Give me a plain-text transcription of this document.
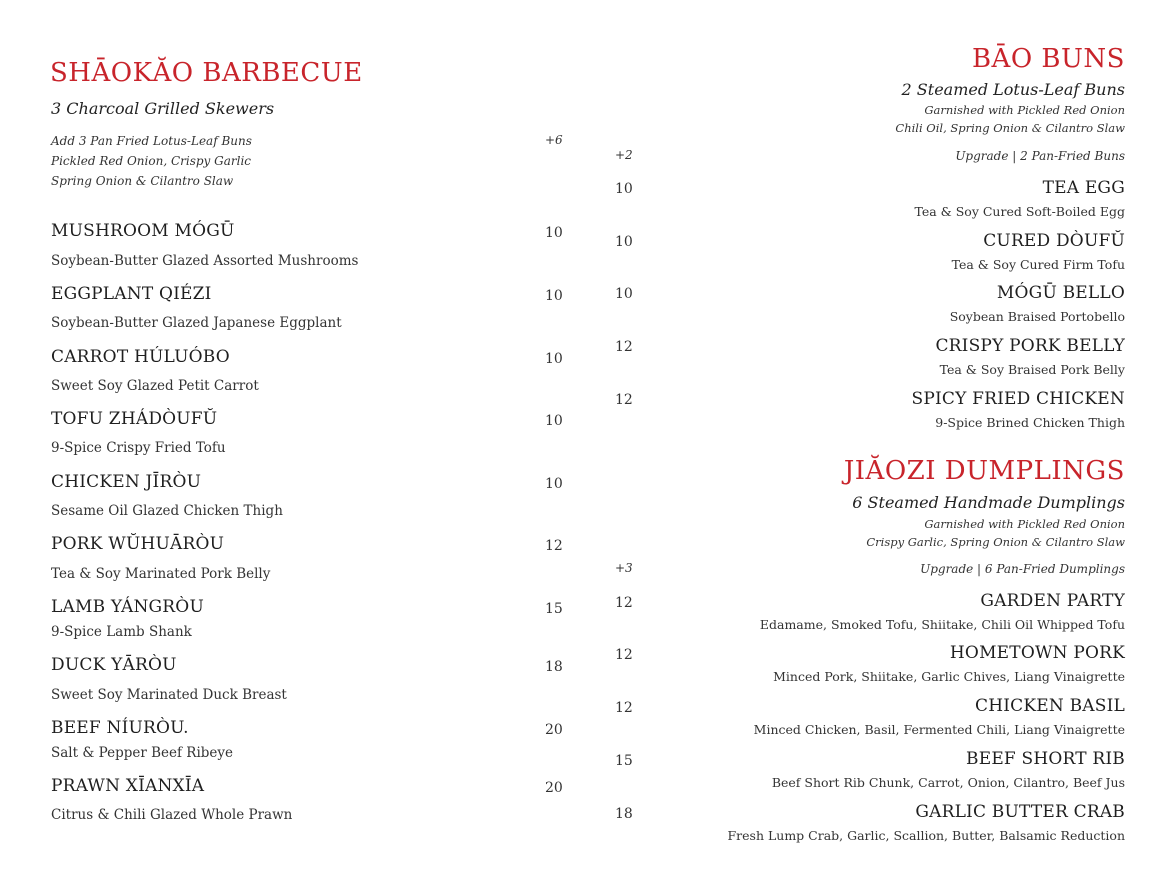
SHĀOKĂO BARBECUE
3 Charcoal Grilled Skewers
Add 3 Pan Fried Lotus-Leaf Buns
Pickled Red Onion, Crispy Garlic
Spring Onion & Cilantro Slaw
+6
MUSHROOM MÓGŪ	10
Soybean-Butter Glazed Assorted Mushrooms
EGGPLANT QIÉZI	10
Soybean-Butter Glazed Japanese Eggplant
CARROT HÚLUÓBO	10
Sweet Soy Glazed Petit Carrot
TOFU ZHÁDÒUFŬ	10
9-Spice Crispy Fried Tofu
CHICKEN JĪRÒU	10
Sesame Oil Glazed Chicken Thigh
PORK WŬHUĀRÒU	12
Tea & Soy Marinated Pork Belly
LAMB YÁNGRÒU	15
9-Spice Lamb Shank
DUCK YĀRÒU	18
Sweet Soy Marinated Duck Breast
BEEF NÍURÒU.	20
Salt & Pepper Beef Ribeye
PRAWN XĪANXĪA	20
Citrus & Chili Glazed Whole Prawn
BĀO BUNS
2 Steamed Lotus-Leaf Buns
Garnished with Pickled Red Onion
Chili Oil, Spring Onion & Cilantro Slaw
+2	Upgrade | 2 Pan-Fried Buns
10	TEA EGG
Tea & Soy Cured Soft-Boiled Egg
10	CURED DÒUFŬ
Tea & Soy Cured Firm Tofu
10	MÓGŪ BELLO
Soybean Braised Portobello
12	CRISPY PORK BELLY
Tea & Soy Braised Pork Belly
12	SPICY FRIED CHICKEN
9-Spice Brined Chicken Thigh
JIĂOZI DUMPLINGS
6 Steamed Handmade Dumplings
Garnished with Pickled Red Onion
Crispy Garlic, Spring Onion & Cilantro Slaw
+3	Upgrade | 6 Pan-Fried Dumplings
12	GARDEN PARTY
Edamame, Smoked Tofu, Shiitake, Chili Oil Whipped Tofu
12	HOMETOWN PORK
Minced Pork, Shiitake, Garlic Chives, Liang Vinaigrette
12	CHICKEN BASIL
Minced Chicken, Basil, Fermented Chili, Liang Vinaigrette
15	BEEF SHORT RIB
Beef Short Rib Chunk, Carrot, Onion, Cilantro, Beef Jus
18	GARLIC BUTTER CRAB
Fresh Lump Crab, Garlic, Scallion, Butter, Balsamic Reduction
